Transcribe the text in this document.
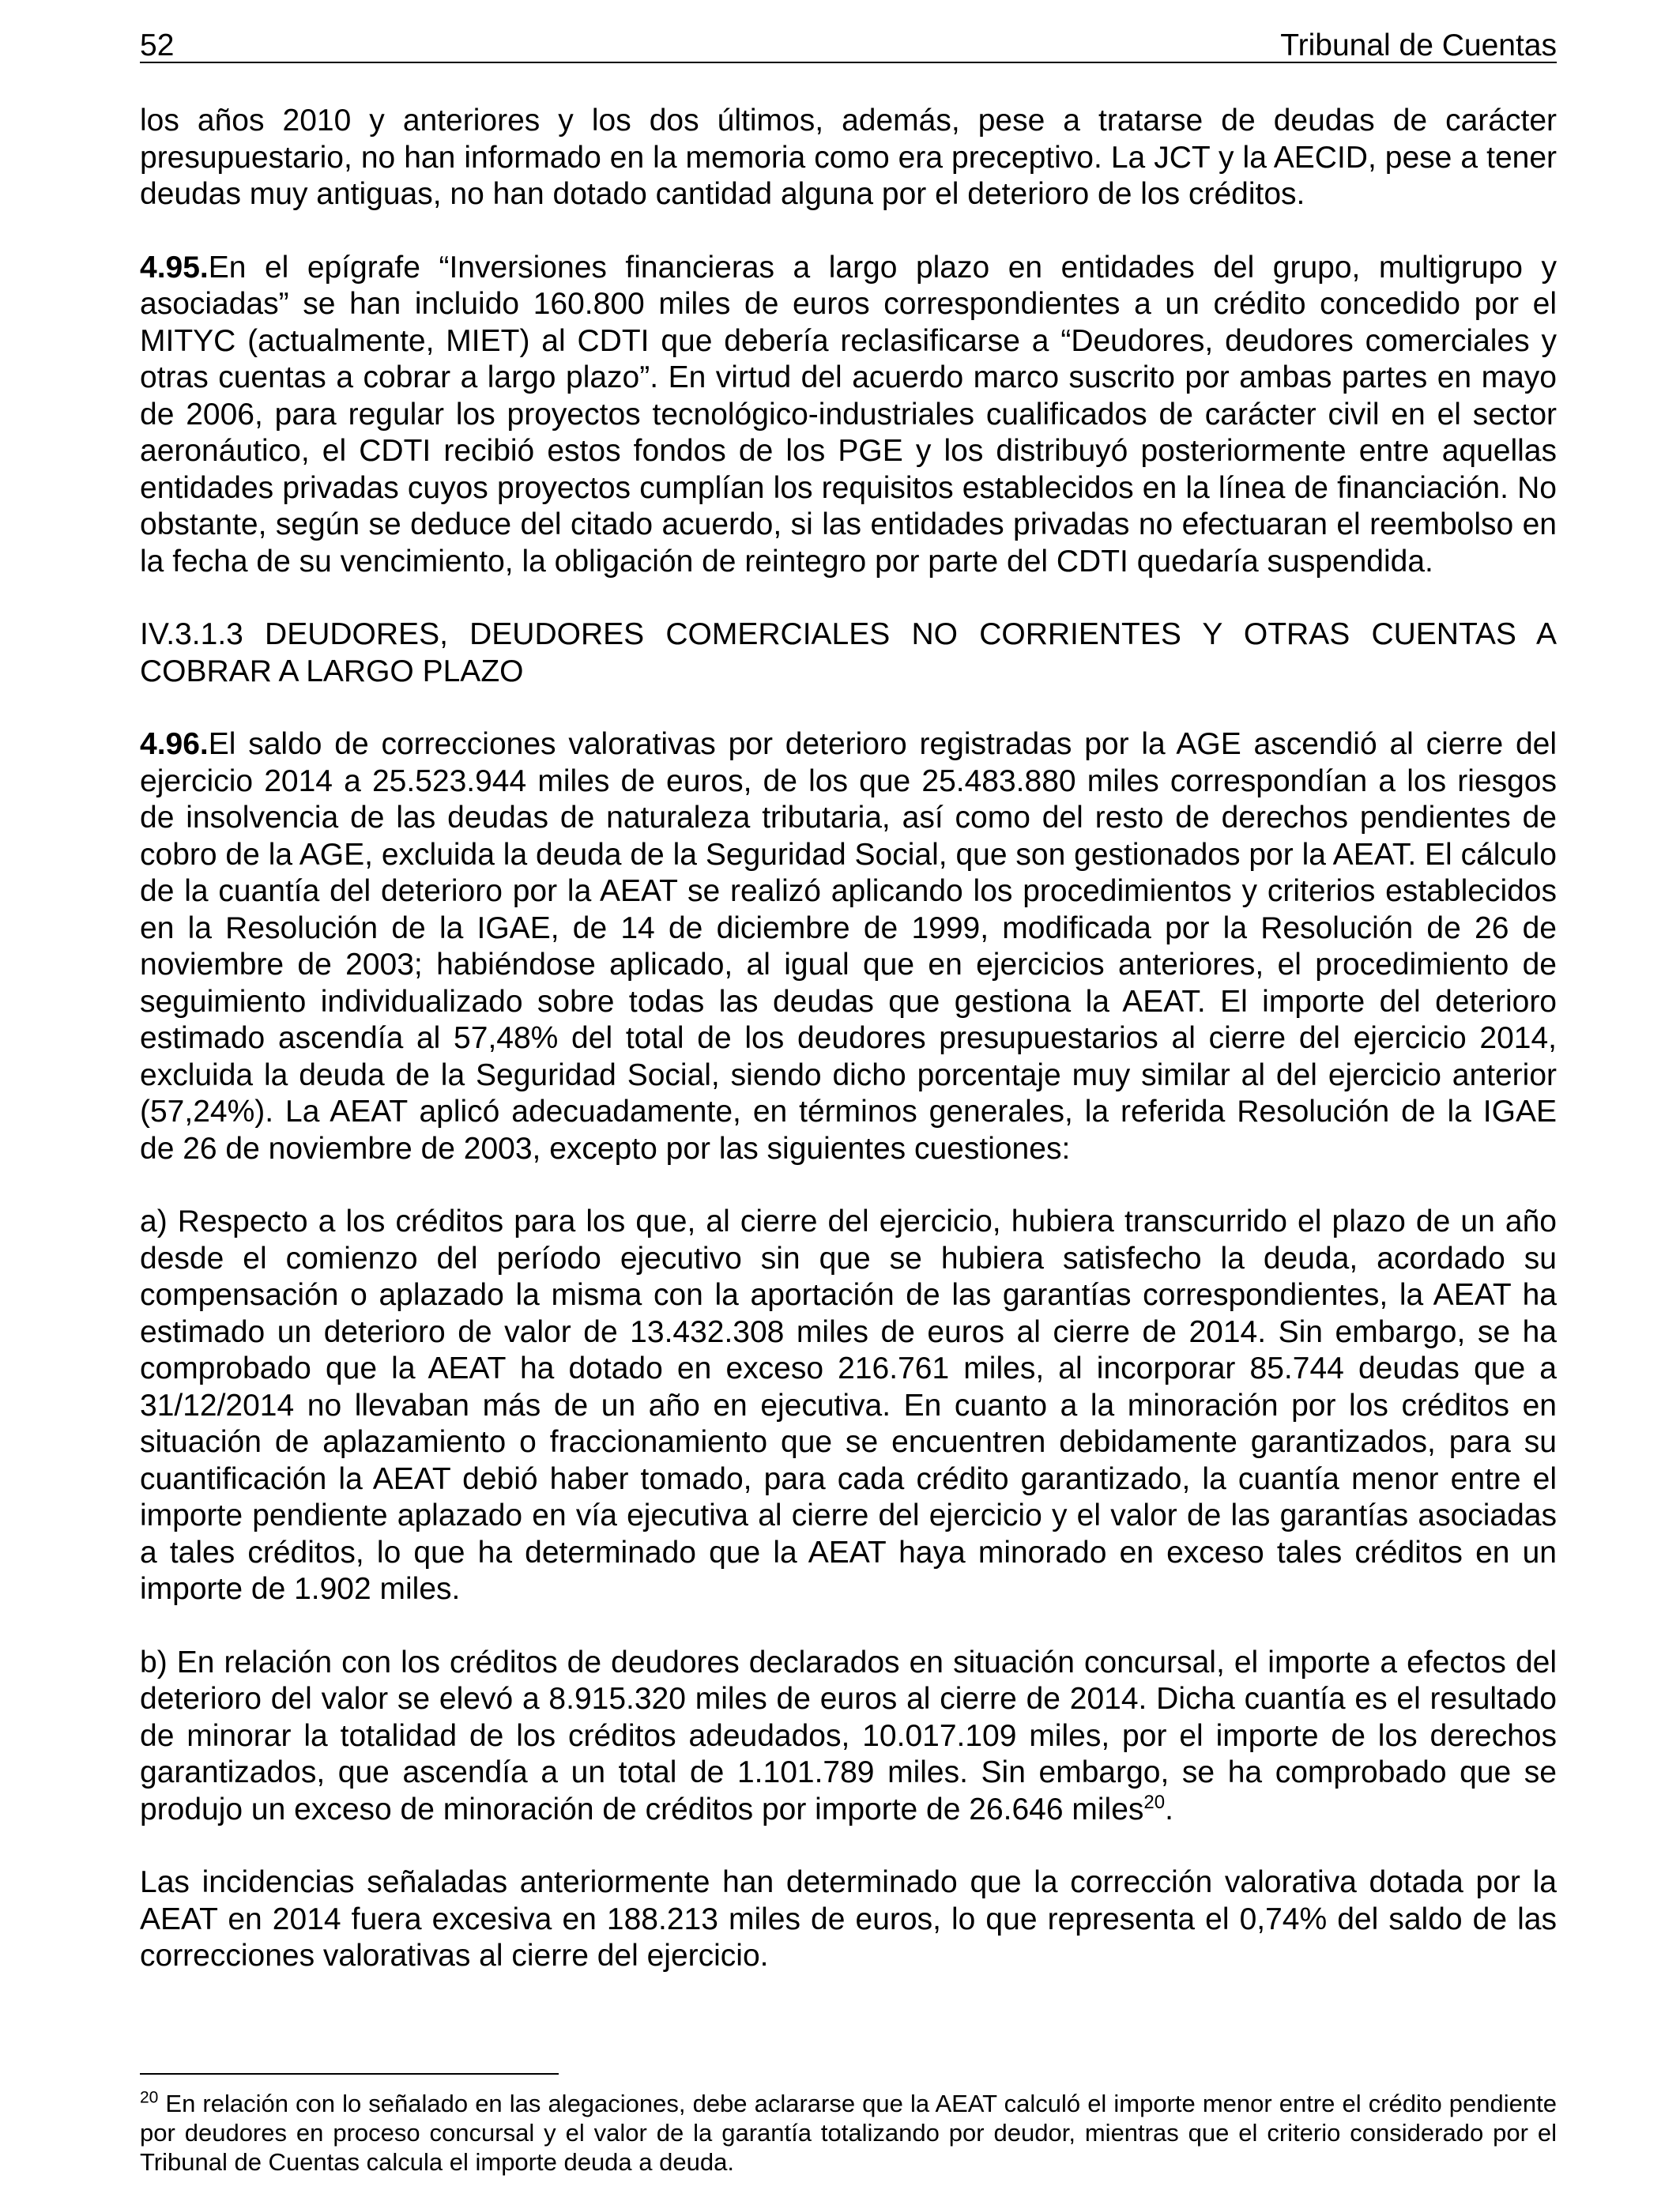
52	Tribunal de Cuentas

los años 2010 y anteriores y los dos últimos, además, pese a tratarse de deudas de carácter presupuestario, no han informado en la memoria como era preceptivo. La JCT y la AECID, pese a tener deudas muy antiguas, no han dotado cantidad alguna por el deterioro de los créditos.

4.95.En el epígrafe “Inversiones financieras a largo plazo en entidades del grupo, multigrupo y asociadas” se han incluido 160.800 miles de euros correspondientes a un crédito concedido por el MITYC (actualmente, MIET) al CDTI que debería reclasificarse a “Deudores, deudores comerciales y otras cuentas a cobrar a largo plazo”. En virtud del acuerdo marco suscrito por ambas partes en mayo de 2006, para regular los proyectos tecnológico-industriales cualificados de carácter civil en el sector aeronáutico, el CDTI recibió estos fondos de los PGE y los distribuyó posteriormente entre aquellas entidades privadas cuyos proyectos cumplían los requisitos establecidos en la línea de financiación. No obstante, según se deduce del citado acuerdo, si las entidades privadas no efectuaran el reembolso en la fecha de su vencimiento, la obligación de reintegro por parte del CDTI quedaría suspendida.

IV.3.1.3 DEUDORES, DEUDORES COMERCIALES NO CORRIENTES Y OTRAS CUENTAS A COBRAR A LARGO PLAZO

4.96.El saldo de correcciones valorativas por deterioro registradas por la AGE ascendió al cierre del ejercicio 2014 a 25.523.944 miles de euros, de los que 25.483.880 miles correspondían a los riesgos de insolvencia de las deudas de naturaleza tributaria, así como del resto de derechos pendientes de cobro de la AGE, excluida la deuda de la Seguridad Social, que son gestionados por la AEAT. El cálculo de la cuantía del deterioro por la AEAT se realizó aplicando los procedimientos y criterios establecidos en la Resolución de la IGAE, de 14 de diciembre de 1999, modificada por la Resolución de 26 de noviembre de 2003; habiéndose aplicado, al igual que en ejercicios anteriores, el procedimiento de seguimiento individualizado sobre todas las deudas que gestiona la AEAT. El importe del deterioro estimado ascendía al 57,48% del total de los deudores presupuestarios al cierre del ejercicio 2014, excluida la deuda de la Seguridad Social, siendo dicho porcentaje muy similar al del ejercicio anterior (57,24%). La AEAT aplicó adecuadamente, en términos generales, la referida Resolución de la IGAE de 26 de noviembre de 2003, excepto por las siguientes cuestiones:

a) Respecto a los créditos para los que, al cierre del ejercicio, hubiera transcurrido el plazo de un año desde el comienzo del período ejecutivo sin que se hubiera satisfecho la deuda, acordado su compensación o aplazado la misma con la aportación de las garantías correspondientes, la AEAT ha estimado un deterioro de valor de 13.432.308 miles de euros al cierre de 2014. Sin embargo, se ha comprobado que la AEAT ha dotado en exceso 216.761 miles, al incorporar 85.744 deudas que a 31/12/2014 no llevaban más de un año en ejecutiva. En cuanto a la minoración por los créditos en situación de aplazamiento o fraccionamiento que se encuentren debidamente garantizados, para su cuantificación la AEAT debió haber tomado, para cada crédito garantizado, la cuantía menor entre el importe pendiente aplazado en vía ejecutiva al cierre del ejercicio y el valor de las garantías asociadas a tales créditos, lo que ha determinado que la AEAT haya minorado en exceso tales créditos en un importe de 1.902 miles.

b) En relación con los créditos de deudores declarados en situación concursal, el importe a efectos del deterioro del valor se elevó a 8.915.320 miles de euros al cierre de 2014. Dicha cuantía es el resultado de minorar la totalidad de los créditos adeudados, 10.017.109 miles, por el importe de los derechos garantizados, que ascendía a un total de 1.101.789 miles. Sin embargo, se ha comprobado que se produjo un exceso de minoración de créditos por importe de 26.646 miles$^{20}$.

Las incidencias señaladas anteriormente han determinado que la corrección valorativa dotada por la AEAT en 2014 fuera excesiva en 188.213 miles de euros, lo que representa el 0,74% del saldo de las correcciones valorativas al cierre del ejercicio.

$^{20}$ En relación con lo señalado en las alegaciones, debe aclararse que la AEAT calculó el importe menor entre el crédito pendiente por deudores en proceso concursal y el valor de la garantía totalizando por deudor, mientras que el criterio considerado por el Tribunal de Cuentas calcula el importe deuda a deuda.
